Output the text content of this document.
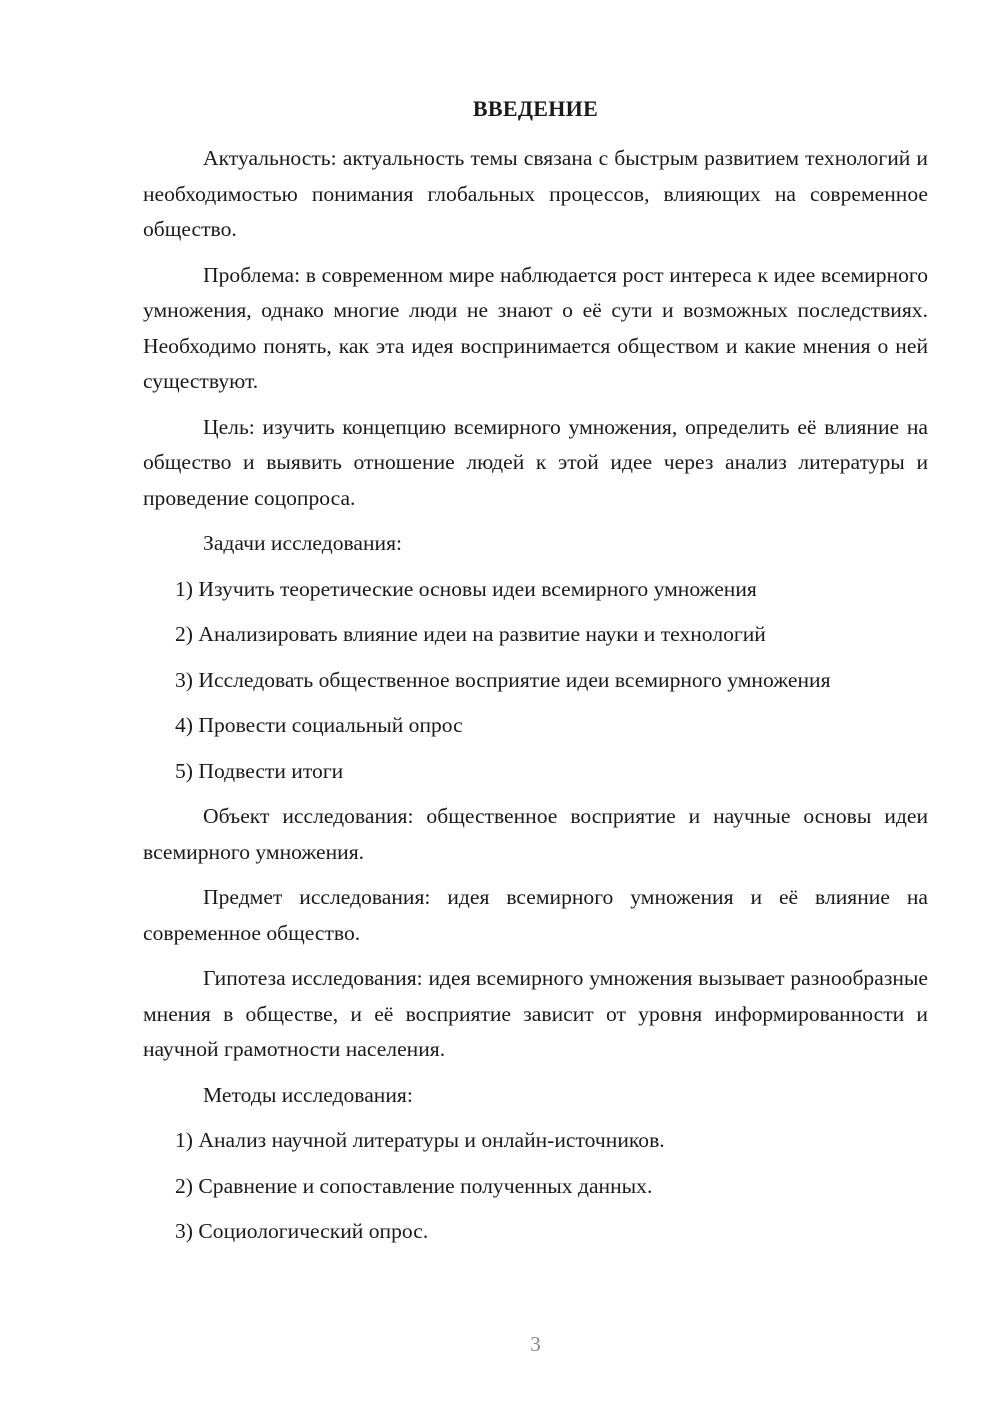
ВВЕДЕНИЕ

Актуальность: актуальность темы связана с быстрым развитием технологий и необходимостью понимания глобальных процессов, влияющих на современное общество.

Проблема: в современном мире наблюдается рост интереса к идее всемирного умножения, однако многие люди не знают о её сути и возможных последствиях. Необходимо понять, как эта идея воспринимается обществом и какие мнения о ней существуют.

Цель: изучить концепцию всемирного умножения, определить её влияние на общество и выявить отношение людей к этой идее через анализ литературы и проведение соцопроса.

Задачи исследования:

1) Изучить теоретические основы идеи всемирного умножения

2) Анализировать влияние идеи на развитие науки и технологий

3) Исследовать общественное восприятие идеи всемирного умножения

4) Провести социальный опрос

5) Подвести итоги

Объект исследования: общественное восприятие и научные основы идеи всемирного умножения.

Предмет исследования: идея всемирного умножения и её влияние на современное общество.

Гипотеза исследования: идея всемирного умножения вызывает разнообразные мнения в обществе, и её восприятие зависит от уровня информированности и научной грамотности населения.

Методы исследования:

1) Анализ научной литературы и онлайн-источников.

2) Сравнение и сопоставление полученных данных.

3) Социологический опрос.

3
